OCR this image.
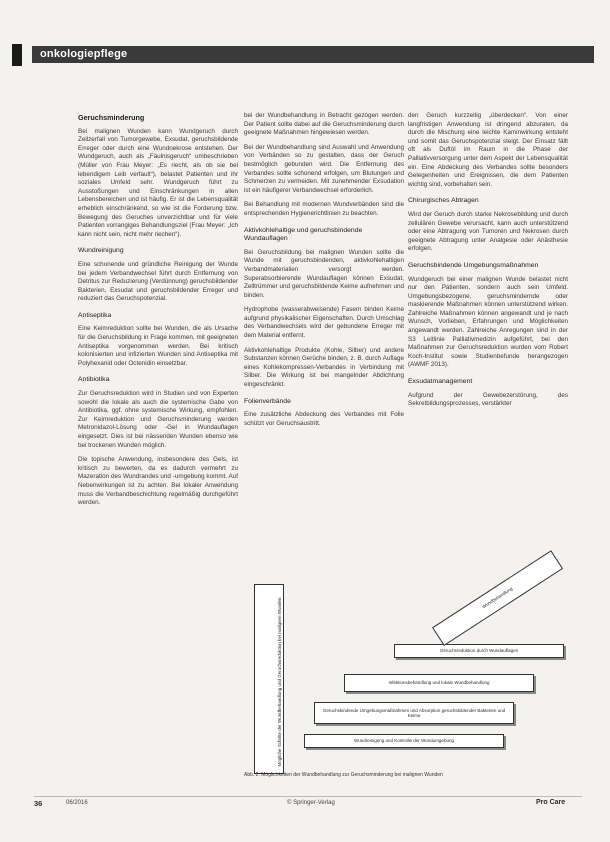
onkologiepflege
Geruchsminderung

Bei malignen Wunden kann Wundgeruch durch Zellzerfall von Tumorgewebe, Exsudat, geruchsbildende Erreger oder durch eine Wundnekrose entstehen. Der Wundgeruch, auch als „Fäulnisgeruch“ umbeschrieben (Müller von Frau Meyer: „Es riecht, als ob sie bei lebendigem Leib verfault“), belastet Patienten und ihr soziales Umfeld sehr. Wundgeruch führt zu Ausstoßungen und Einschränkungen in allen Lebensbereichen und ist häufig. Er ist die Lebensqualität erheblich einschränkend, so wie ist die Forderung bzw. Bewegung des Geruches unverzichtbar und für viele Patienten vorrangiges Behandlungsziel (Frau Meyer: „Ich kann nicht sein, nicht mehr riechen“).

Wundreinigung

Eine schonende und gründliche Reinigung der Wunde bei jedem Verbandwechsel führt durch Entfernung von Detritus zur Reduzierung (Verdünnung) geruchsbildender Bakterien, Exsudat und geruchsbildender Erreger und reduziert das Geruchspotenzial.

Antiseptika

Eine Keimreduktion sollte bei Wunden, die als Ursache für die Geruchsbildung in Frage kommen, mit geeigneten Antiseptika vorgenommen werden. Bei kritisch kolonisierten und infizierten Wunden sind Antiseptika mit Polyhexanid oder Octenidin einsetzbar.

Antibiotika

Zur Geruchsreduktion wird in Studien und von Experten sowohl die lokale als auch die systemische Gabe von Antibiotika, ggf. ohne systemische Wirkung, empfohlen. Zur Keimreduktion und Geruchsminderung werden Metronidazol-Lösung oder -Gel in Wundauflagen eingesetzt. Dies ist bei nässenden Wunden ebenso wie bei trockenen Wunden möglich.

Die topische Anwendung, insbesondere des Gels, ist kritisch zu bewerten, da es dadurch vermehrt zu Mazeration des Wundrandes und -umgebung kommt. Auf Nebenwirkungen ist zu achten. Bei lokaler Anwendung muss die Verbandbeschichtung regelmäßig durchgeführt werden.

bei der Wundbehandlung in Betracht gezogen werden. Der Patient sollte dabei auf die Geruchsminderung durch geeignete Maßnahmen hingewiesen werden.

Bei der Wundbehandlung sind Auswahl und Anwendung von Verbänden so zu gestalten, dass der Geruch bestmöglich gebunden wird. Die Entfernung des Verbandes sollte schonend erfolgen, um Blutungen und Schmerzen zu vermeiden. Mit zunehmender Exsudation ist ein häufigerer Verbandwechsel erforderlich.

Bei Behandlung mit modernen Wundverbänden sind die entsprechenden Hygienerichtlinien zu beachten.

Aktivkohlehaltige und geruchsbindende Wundauflagen

Bei Geruchsbildung bei malignen Wunden sollte die Wunde mit geruchsbindenden, aktivkohlehaltigen Verbandmaterialien versorgt werden. Superabsorbierende Wundauflagen können Exsudat, Zelltrümmer und geruchsbildende Keime aufnehmen und binden.

Hydrophobe (wasserabweisende) Fasern binden Keime aufgrund physikalischer Eigenschaften. Durch Umschlag des Verbandwechsels wird der gebundene Erreger mit dem Material entfernt.

Aktivkohlehaltige Produkte (Kohle, Silber) und andere Substanzen können Gerüche binden, z. B. durch Auflage eines Kohlekompressen-Verbandes in Verbindung mit Silber. Die Wirkung ist bei mangelnder Abdichtung eingeschränkt.

Folienverbände

Eine zusätzliche Abdeckung des Verbandes mit Folie schützt vor Geruchsaustritt.

den Geruch kurzzeitig „überdecken“. Von einer langfristigen Anwendung ist dringend abzuraten, da durch die Mischung eine leichte Kaminwirkung entsteht und somit das Geruchspotenzial steigt. Der Einsatz fällt oft als Duftöl im Raum in die Phase der Palliativversorgung unter dem Aspekt der Lebensqualität ein. Eine Abdeckung des Verbandes sollte besonders Gelegenheiten und Ereignissen, die dem Patienten wichtig sind, vorbehalten sein.

Chirurgisches Abtragen

Wird der Geruch durch starke Nekrosebildung und durch zellulären Gewebe verursacht, kann auch unterstützend oder eine Abtragung von Tumoren und Nekrosen durch geeignete Abtragung unter Analgesie oder Anästhesie erfolgen.

Geruchsbindende Umgebungsmaßnahmen

Wundgeruch bei einer malignen Wunde belastet nicht nur den Patienten, sondern auch sein Umfeld. Umgebungsbezogene, geruchsmindernde oder maskierende Maßnahmen können unterstützend wirken. Zahlreiche Maßnahmen können angewandt und je nach Wunsch, Vorlieben, Erfahrungen und Möglichkeiten angewandt werden. Zahlreiche Anregungen sind in der S3 Leitlinie Palliativmedizin aufgeführt, bei den Maßnahmen zur Geruchsreduktion wurden vom Robert Koch-Institut sowie Studienbefunde herangezogen (AWMF 2013).

Exsudatmanagement

Aufgrund der Gewebezerstörung, des Sekretbildungsprozesses, verstärkter

Mögliche Schritte der Wundbehandlung und Geruchsreduktion bei malignen Wunden	Geruchsreduktion durch Wundauflagen
Infektionsbehandlung und lokale Wundbehandlung
Geruchsbindende Umgebungsmaßnahmen und Absorption geruchsbildender Bakterien und Keime
Wundreinigung und Kontrolle der Wundumgebung
Wundbehandlung
Abb. 2: Möglichkeiten der Wundbehandlung zur Geruchsminderung bei malignen Wunden
36	06/2016	© Springer-Verlag	Pro Care
